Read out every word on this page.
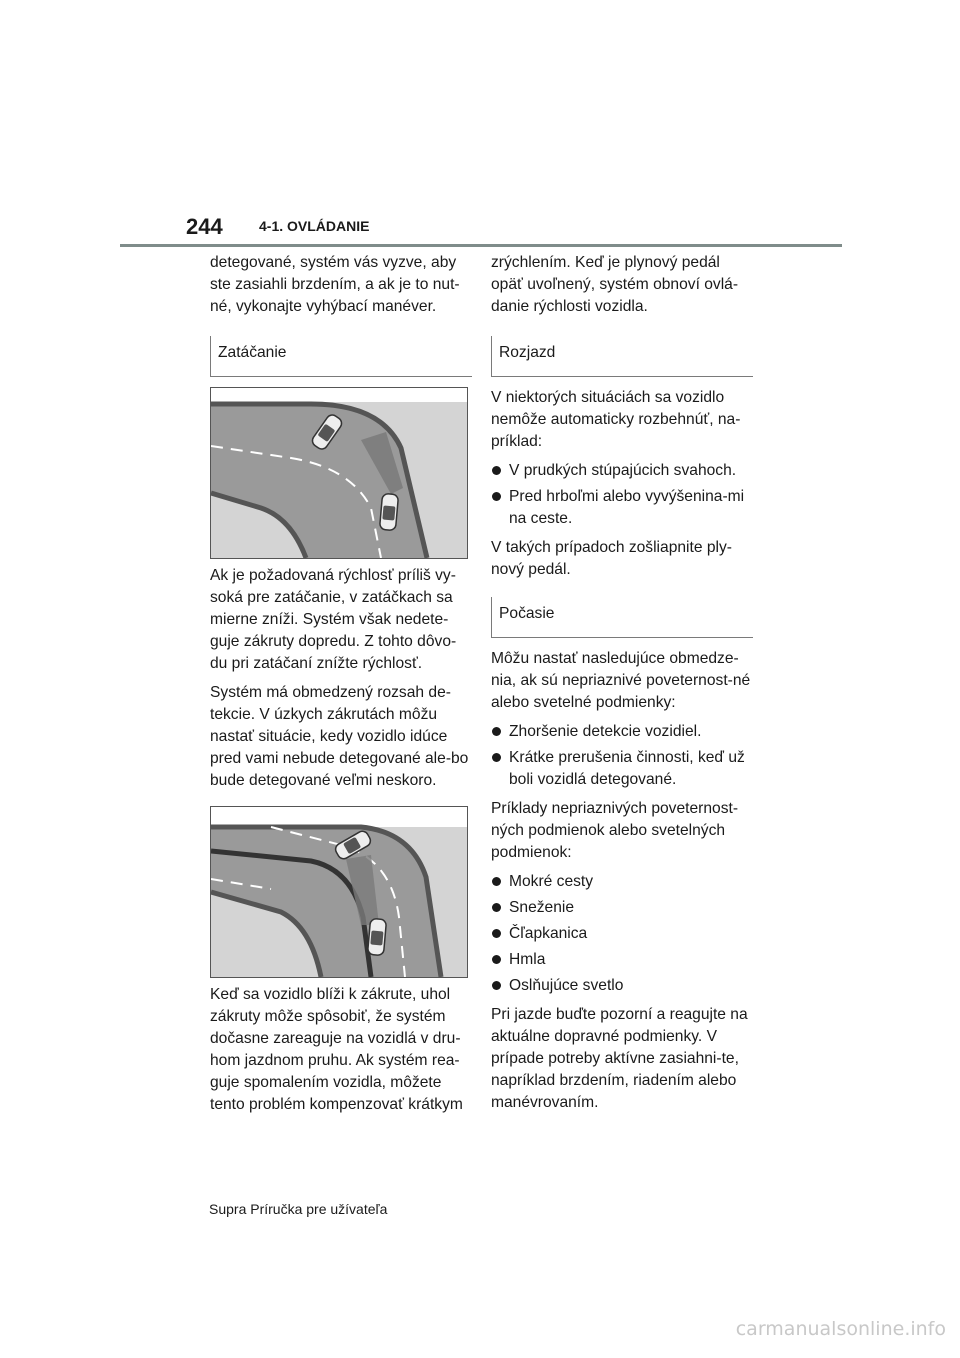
244	4-1. OVLÁDANIE

detegované, systém vás vyzve, aby ste zasiahli brzdením, a ak je to nut-né, vykonajte vyhýbací manéver.

Zatáčanie

Ak je požadovaná rýchlosť príliš vy-soká pre zatáčanie, v zatáčkach sa mierne zníži. Systém však nedete-guje zákruty dopredu. Z tohto dôvo-du pri zatáčaní znížte rýchlosť.

Systém má obmedzený rozsah de-tekcie. V úzkych zákrutách môžu nastať situácie, kedy vozidlo idúce pred vami nebude detegované ale-bo bude detegované veľmi neskoro.

Keď sa vozidlo blíži k zákrute, uhol zákruty môže spôsobiť, že systém dočasne zareaguje na vozidlá v dru-hom jazdnom pruhu. Ak systém rea-guje spomalením vozidla, môžete tento problém kompenzovať krátkym

zrýchlením. Keď je plynový pedál opäť uvoľnený, systém obnoví ovlá-danie rýchlosti vozidla.

Rozjazd

V niektorých situáciách sa vozidlo nemôže automaticky rozbehnúť, na-príklad:

V prudkých stúpajúcich svahoch.
Pred hrboľmi alebo vyvýšenina-mi na ceste.

V takých prípadoch zošliapnite ply-nový pedál.

Počasie

Môžu nastať nasledujúce obmedze-nia, ak sú nepriaznivé poveternost-né alebo svetelné podmienky:

Zhoršenie detekcie vozidiel.
Krátke prerušenia činnosti, keď už boli vozidlá detegované.

Príklady nepriaznivých poveternost-ných podmienok alebo svetelných podmienok:

Mokré cesty
Sneženie
Čľapkanica
Hmla
Oslňujúce svetlo

Pri jazde buďte pozorní a reagujte na aktuálne dopravné podmienky. V prípade potreby aktívne zasiahni-te, napríklad brzdením, riadením alebo manévrovaním.

Supra Príručka pre užívateľa
carmanualsonline.info
